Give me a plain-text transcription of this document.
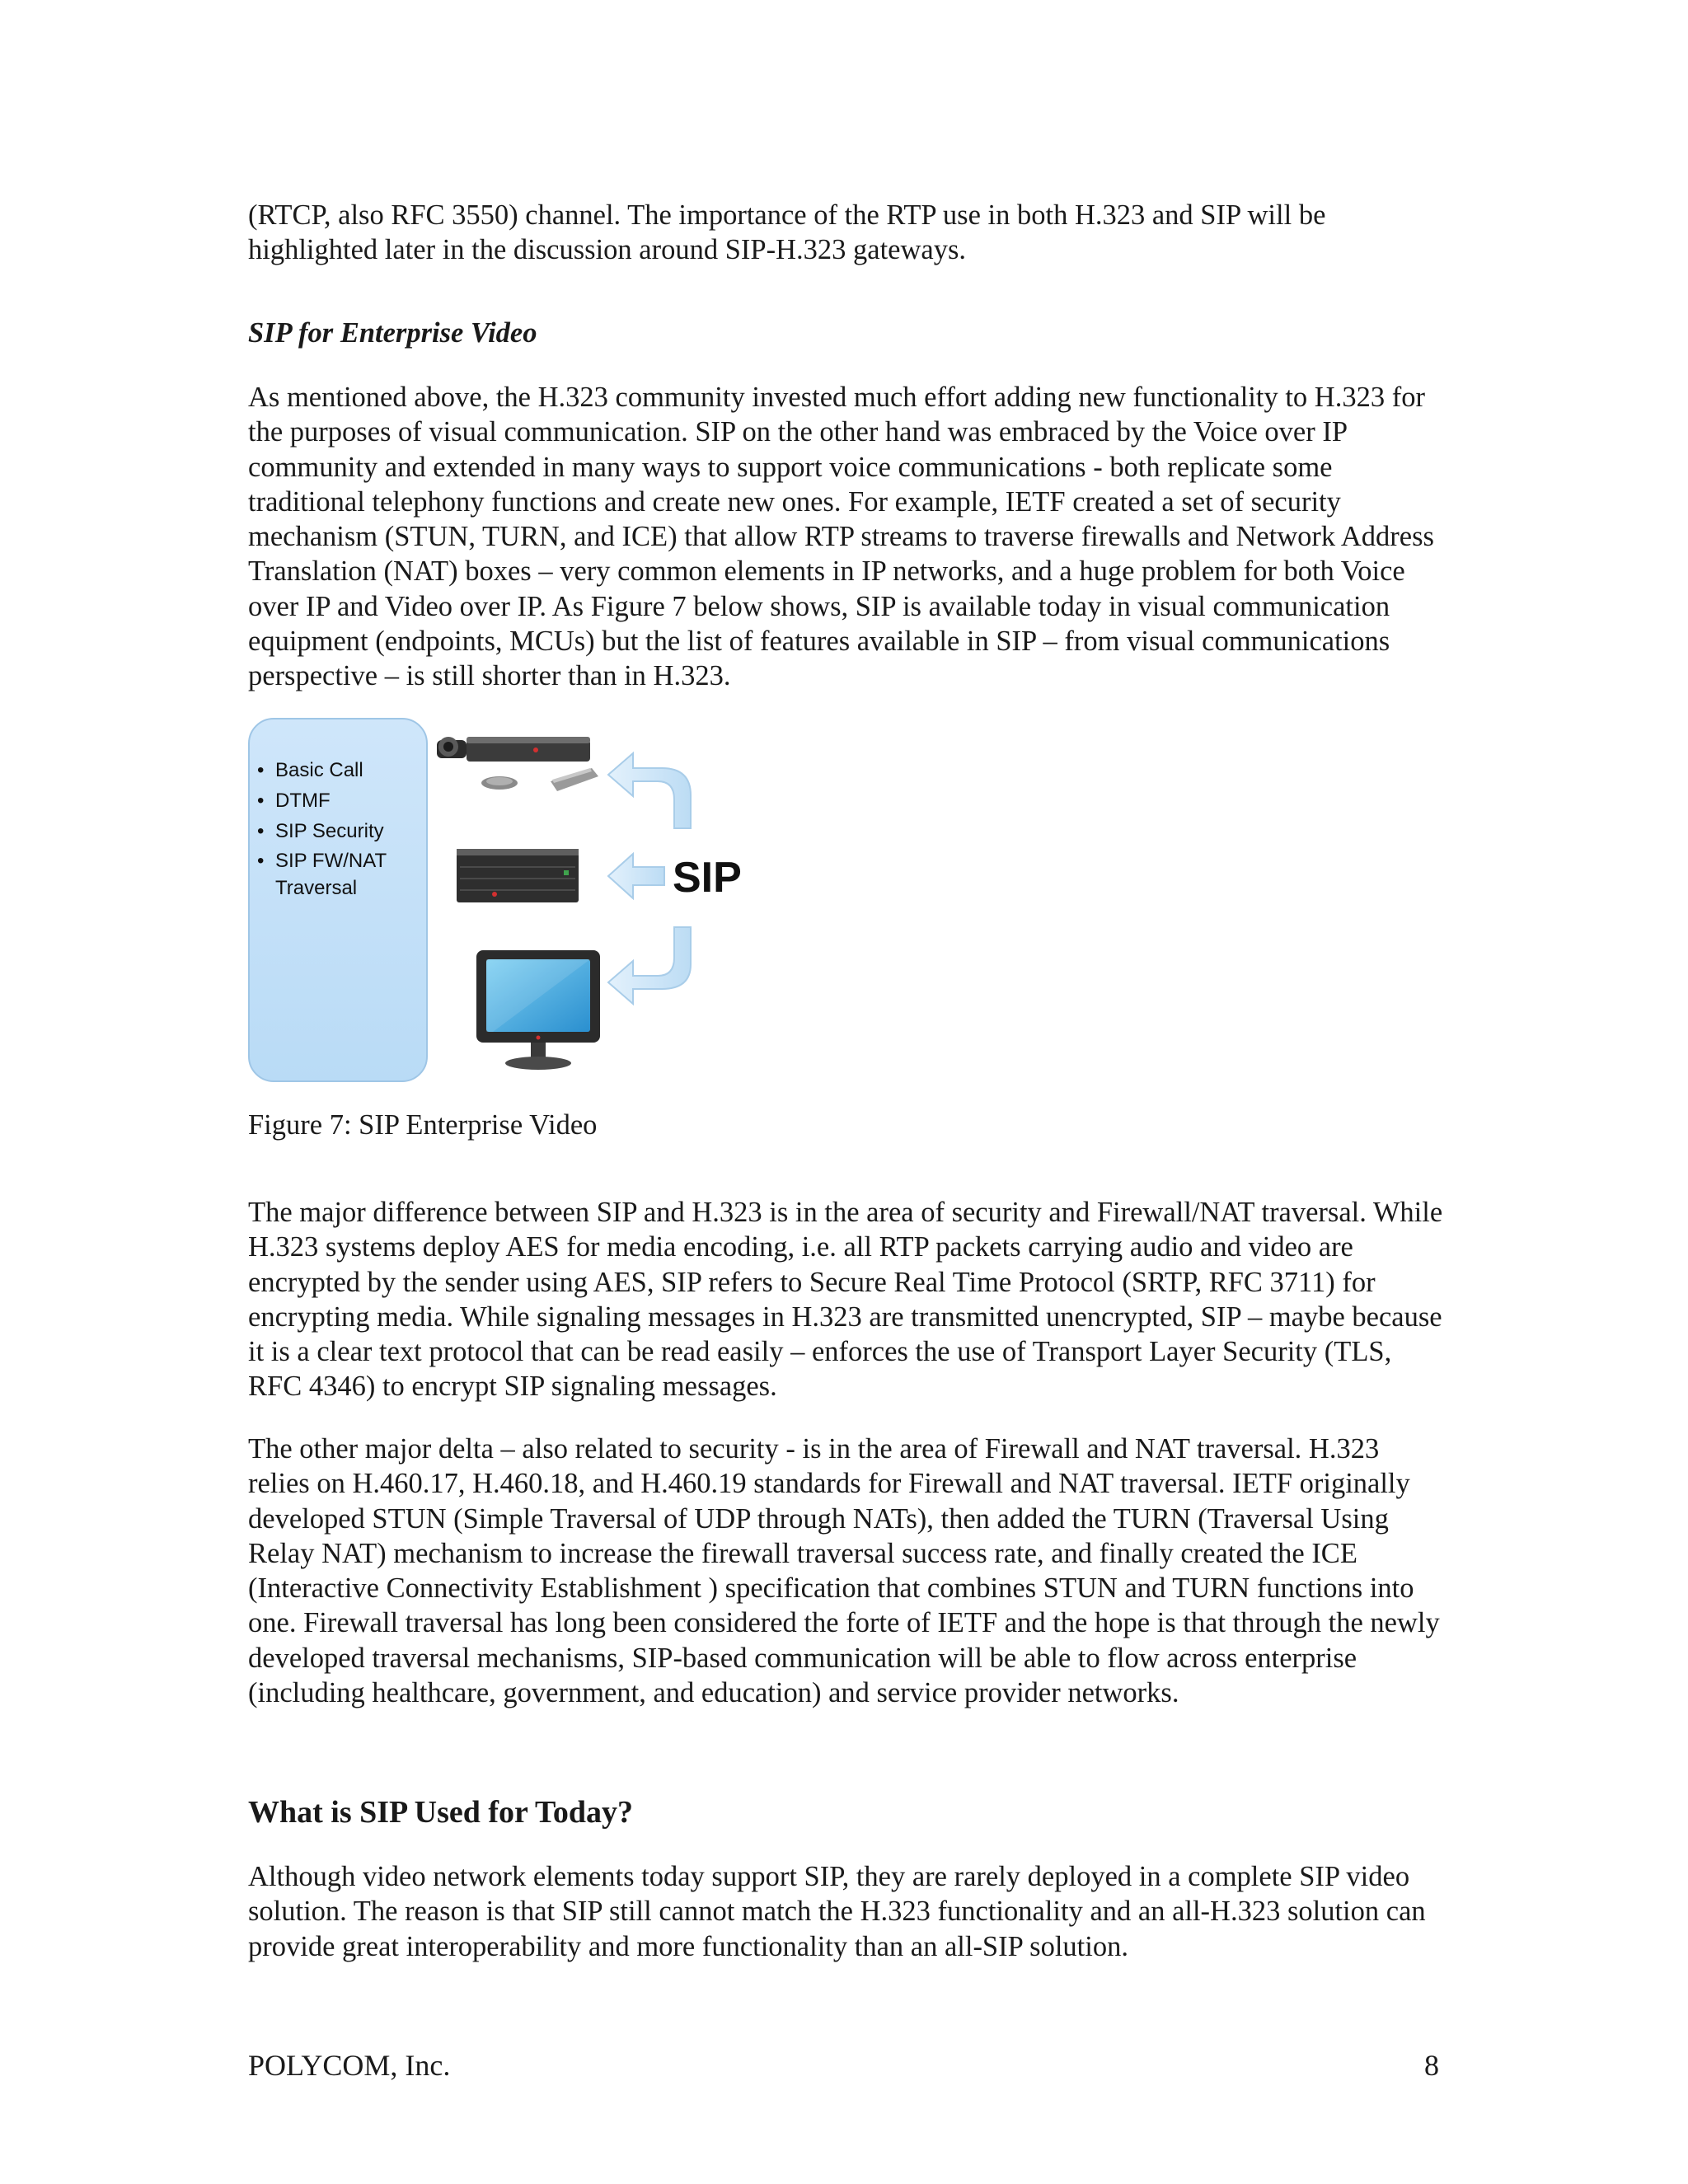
(RTCP, also RFC 3550) channel. The importance of the RTP use in both H.323 and SIP will be highlighted later in the discussion around SIP-H.323 gateways.

SIP for Enterprise Video

As mentioned above, the H.323 community invested much effort adding new functionality to H.323 for the purposes of visual communication. SIP on the other hand was embraced by the Voice over IP community and extended in many ways to support voice communications - both replicate some traditional telephony functions and create new ones. For example, IETF created a set of security mechanism (STUN, TURN, and ICE) that allow RTP streams to traverse firewalls and Network Address Translation (NAT) boxes – very common elements in IP networks, and a huge problem for both Voice over IP and Video over IP. As Figure 7 below shows, SIP is available today in visual communication equipment (endpoints, MCUs) but the list of features available in SIP – from visual communications perspective – is still shorter than in H.323.

• Basic Call
• DTMF
• SIP Security
• SIP FW/NAT
Traversal	SIP

Figure 7: SIP Enterprise Video

The major difference between SIP and H.323 is in the area of security and Firewall/NAT traversal. While H.323 systems deploy AES for media encoding, i.e. all RTP packets carrying audio and video are encrypted by the sender using AES, SIP refers to Secure Real Time Protocol (SRTP, RFC 3711) for encrypting media. While signaling messages in H.323 are transmitted unencrypted, SIP – maybe because it is a clear text protocol that can be read easily – enforces the use of Transport Layer Security (TLS, RFC 4346) to encrypt SIP signaling messages.

The other major delta – also related to security - is in the area of Firewall and NAT traversal. H.323 relies on H.460.17, H.460.18, and H.460.19 standards for Firewall and NAT traversal. IETF originally developed STUN (Simple Traversal of UDP through NATs), then added the TURN (Traversal Using Relay NAT) mechanism to increase the firewall traversal success rate, and finally created the ICE (Interactive Connectivity Establishment ) specification that combines STUN and TURN functions into one. Firewall traversal has long been considered the forte of IETF and the hope is that through the newly developed traversal mechanisms, SIP-based communication will be able to flow across enterprise (including healthcare, government, and education) and service provider networks.

What is SIP Used for Today?

Although video network elements today support SIP, they are rarely deployed in a complete SIP video solution. The reason is that SIP still cannot match the H.323 functionality and an all-H.323 solution can provide great interoperability and more functionality than an all-SIP solution.

POLYCOM, Inc.	8
